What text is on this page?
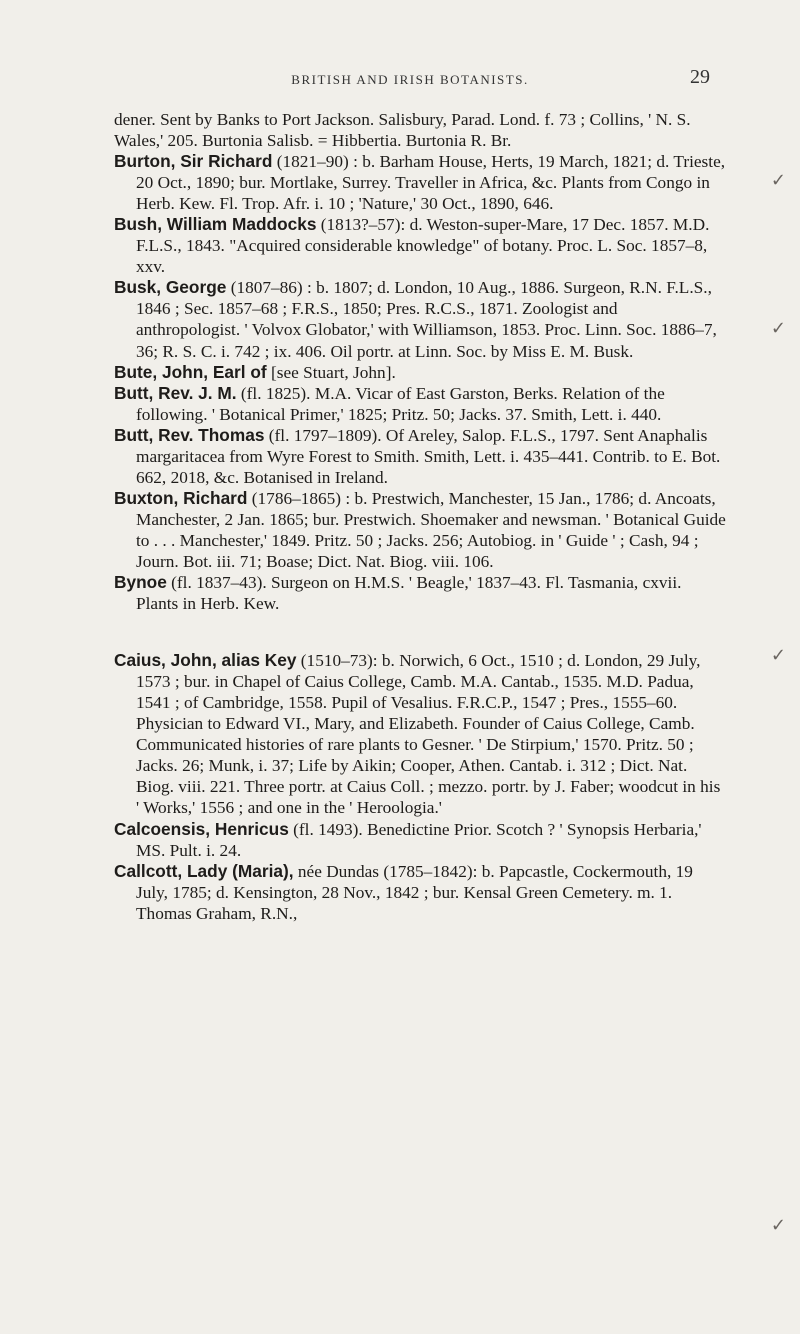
BRITISH AND IRISH BOTANISTS.	29

dener. Sent by Banks to Port Jackson. Salisbury, Parad. Lond. f. 73 ; Collins, ' N. S. Wales,' 205. Burtonia Salisb. = Hibbertia. Burtonia R. Br.

Burton, Sir Richard (1821–90) : b. Barham House, Herts, 19 March, 1821; d. Trieste, 20 Oct., 1890; bur. Mortlake, Surrey. Traveller in Africa, &c. Plants from Congo in Herb. Kew. Fl. Trop. Afr. i. 10 ; 'Nature,' 30 Oct., 1890, 646.

Bush, William Maddocks (1813?–57): d. Weston-super-Mare, 17 Dec. 1857. M.D. F.L.S., 1843. "Acquired considerable knowledge" of botany. Proc. L. Soc. 1857–8, xxv.

Busk, George (1807–86) : b. 1807; d. London, 10 Aug., 1886. Surgeon, R.N. F.L.S., 1846 ; Sec. 1857–68 ; F.R.S., 1850; Pres. R.C.S., 1871. Zoologist and anthropologist. ' Volvox Globator,' with Williamson, 1853. Proc. Linn. Soc. 1886–7, 36; R. S. C. i. 742 ; ix. 406. Oil portr. at Linn. Soc. by Miss E. M. Busk.

Bute, John, Earl of [see Stuart, John].

Butt, Rev. J. M. (fl. 1825). M.A. Vicar of East Garston, Berks. Relation of the following. ' Botanical Primer,' 1825; Pritz. 50; Jacks. 37. Smith, Lett. i. 440.

Butt, Rev. Thomas (fl. 1797–1809). Of Areley, Salop. F.L.S., 1797. Sent Anaphalis margaritacea from Wyre Forest to Smith. Smith, Lett. i. 435–441. Contrib. to E. Bot. 662, 2018, &c. Botanised in Ireland.

Buxton, Richard (1786–1865) : b. Prestwich, Manchester, 15 Jan., 1786; d. Ancoats, Manchester, 2 Jan. 1865; bur. Prestwich. Shoemaker and newsman. ' Botanical Guide to . . . Manchester,' 1849. Pritz. 50 ; Jacks. 256; Autobiog. in ' Guide ' ; Cash, 94 ; Journ. Bot. iii. 71; Boase; Dict. Nat. Biog. viii. 106.

Bynoe (fl. 1837–43). Surgeon on H.M.S. ' Beagle,' 1837–43. Fl. Tasmania, cxvii. Plants in Herb. Kew.

Caius, John, alias Key (1510–73): b. Norwich, 6 Oct., 1510 ; d. London, 29 July, 1573 ; bur. in Chapel of Caius College, Camb. M.A. Cantab., 1535. M.D. Padua, 1541 ; of Cambridge, 1558. Pupil of Vesalius. F.R.C.P., 1547 ; Pres., 1555–60. Physician to Edward VI., Mary, and Elizabeth. Founder of Caius College, Camb. Communicated histories of rare plants to Gesner. ' De Stirpium,' 1570. Pritz. 50 ; Jacks. 26; Munk, i. 37; Life by Aikin; Cooper, Athen. Cantab. i. 312 ; Dict. Nat. Biog. viii. 221. Three portr. at Caius Coll. ; mezzo. portr. by J. Faber; woodcut in his ' Works,' 1556 ; and one in the ' Heroologia.'

Calcoensis, Henricus (fl. 1493). Benedictine Prior. Scotch ? ' Synopsis Herbaria,' MS. Pult. i. 24.

Callcott, Lady (Maria), née Dundas (1785–1842): b. Papcastle, Cockermouth, 19 July, 1785; d. Kensington, 28 Nov., 1842 ; bur. Kensal Green Cemetery. m. 1. Thomas Graham, R.N.,

✓
✓
✓
✓
